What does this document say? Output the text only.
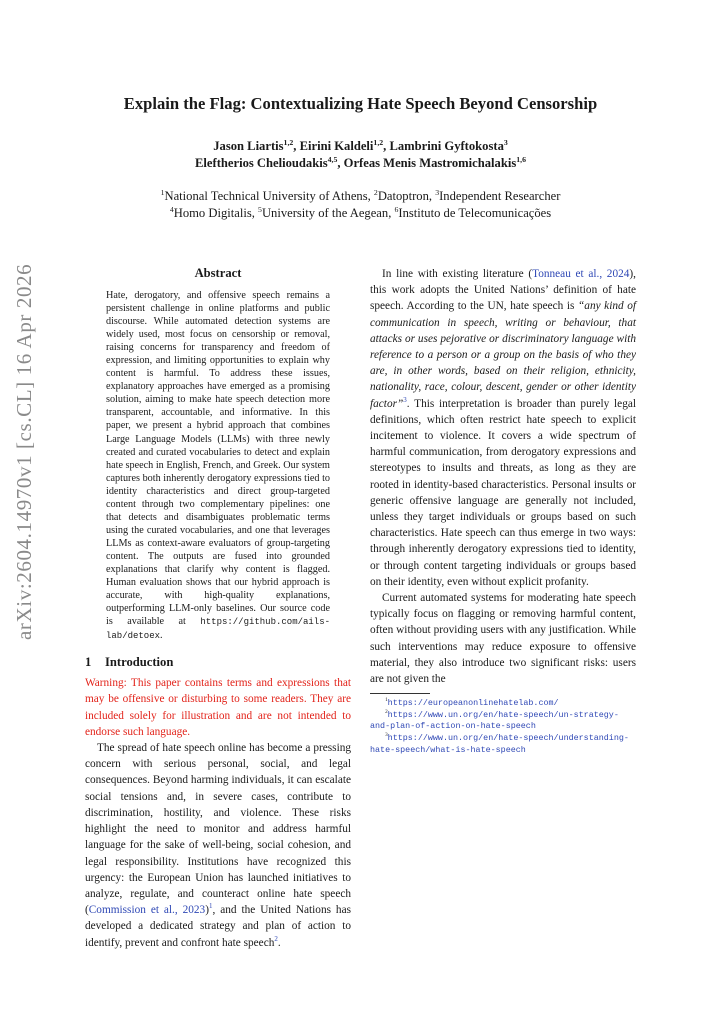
arXiv:2604.14970v1 [cs.CL] 16 Apr 2026
Explain the Flag: Contextualizing Hate Speech Beyond Censorship
Jason Liartis$^{1,2}$, Eirini Kaldeli$^{1,2}$, Lambrini Gyftokosta$^3$
Eleftherios Chelioudakis$^{4,5}$, Orfeas Menis Mastromichalakis$^{1,6}$
$^1$National Technical University of Athens, $^2$Datoptron, $^3$Independent Researcher
$^4$Homo Digitalis, $^5$University of the Aegean, $^6$Instituto de Telecomunicações
Abstract

Hate, derogatory, and offensive speech remains a persistent challenge in online platforms and public discourse. While automated detection systems are widely used, most focus on censorship or removal, raising concerns for transparency and freedom of expression, and limiting opportunities to explain why content is harmful. To address these issues, explanatory approaches have emerged as a promising solution, aiming to make hate speech detection more transparent, accountable, and informative. In this paper, we present a hybrid approach that combines Large Language Models (LLMs) with three newly created and curated vocabularies to detect and explain hate speech in English, French, and Greek. Our system captures both inherently derogatory expressions tied to identity characteristics and direct group-targeted content through two complementary pipelines: one that detects and disambiguates problematic terms using the curated vocabularies, and one that leverages LLMs as context-aware evaluators of group-targeting content. The outputs are fused into grounded explanations that clarify why content is flagged. Human evaluation shows that our hybrid approach is accurate, with high-quality explanations, outperforming LLM-only baselines. Our source code is available at https://github.com/ails-lab/detoex.

1 Introduction

Warning: This paper contains terms and expressions that may be offensive or disturbing to some readers. They are included solely for illustration and are not intended to endorse such language.

The spread of hate speech online has become a pressing concern with serious personal, social, and legal consequences. Beyond harming individuals, it can escalate social tensions and, in severe cases, contribute to discrimination, hostility, and violence. These risks highlight the need to monitor and address harmful language for the sake of well-being, social cohesion, and legal responsibility. Institutions have recognized this urgency: the European Union has launched initiatives to analyze, regulate, and counteract online hate speech (Commission et al., 2023)$^1$, and the United Nations has developed a dedicated strategy and plan of action to identify, prevent and confront hate speech$^2$.

In line with existing literature (Tonneau et al., 2024), this work adopts the United Nations’ definition of hate speech. According to the UN, hate speech is “any kind of communication in speech, writing or behaviour, that attacks or uses pejorative or discriminatory language with reference to a person or a group on the basis of who they are, in other words, based on their religion, ethnicity, nationality, race, colour, descent, gender or other identity factor”$^3$. This interpretation is broader than purely legal definitions, which often restrict hate speech to explicit incitement to violence. It covers a wide spectrum of harmful communication, from derogatory expressions and stereotypes to insults and threats, as long as they are rooted in identity-based characteristics. Personal insults or generic offensive language are generally not included, unless they target individuals or groups based on such characteristics. Hate speech can thus emerge in two ways: through inherently derogatory expressions tied to identity, or through content targeting individuals or groups based on their identity, even without explicit profanity.

Current automated systems for moderating hate speech typically focus on flagging or removing harmful content, often without providing users with any justification. While such interventions may reduce exposure to offensive material, they also introduce two significant risks: users are not given the

$^1$https://europeanonlinehatelab.com/
$^2$https://www.un.org/en/hate-speech/un-strategy-and-plan-of-action-on-hate-speech
$^3$https://www.un.org/en/hate-speech/understanding-hate-speech/what-is-hate-speech
